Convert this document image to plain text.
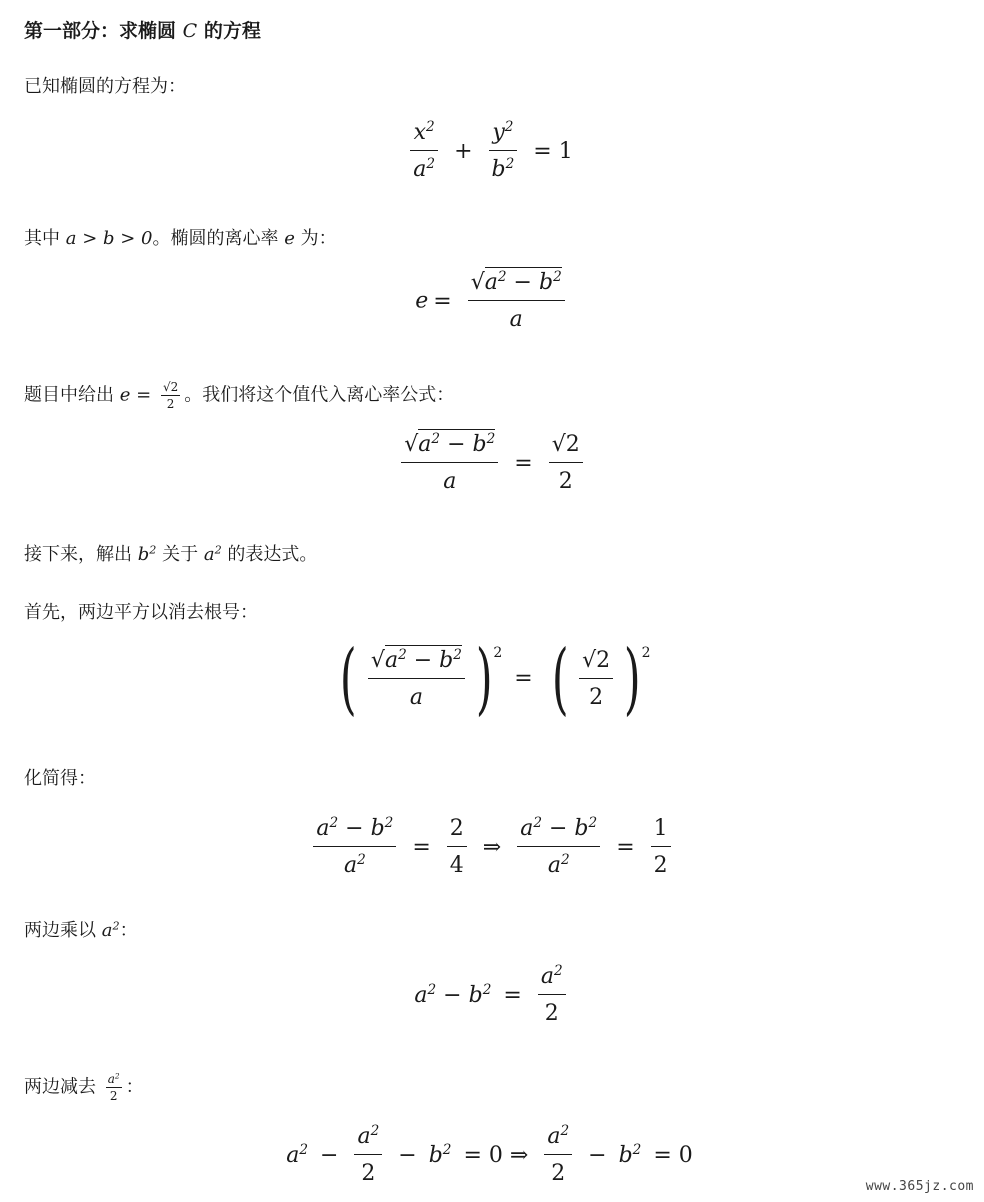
第一部分：求椭圆 C 的方程
已知椭圆的方程为：
$\frac{x^2}{a^2} + \frac{y^2}{b^2} = 1$
其中 a > b > 0。椭圆的离心率 e 为：
$e = \frac{√a^2 - b^2}{a}$
题目中给出 $e = \frac{√2}{2}$ 。我们将这个值代入离心率公式：
$\frac{√a^2 - b^2}{a} = \frac{√2}{2}$
接下来，解出 $b^2$ 关于 $a^2$ 的表达式。
首先，两边平方以消去根号：
( $\frac{√a^2 - b^2}{a} )2$ = ( $\frac{√2}{2} )2$
化简得：
$\frac{a^2 - b^2}{a^2} = \frac{2}{4}$ ⇒ $\frac{a^2 - b^2}{a^2} = \frac{1}{2}$
两边乘以 $a^2$：
$a^2 - b^2 = \frac{a^2}{2}$
两边减去 $\frac{a^2}{2}$ ：
$a^2 - \frac{a^2}{2} - b^2 = 0$ ⇒ $\frac{a^2}{2} - b^2 = 0$
www.365jz.com
